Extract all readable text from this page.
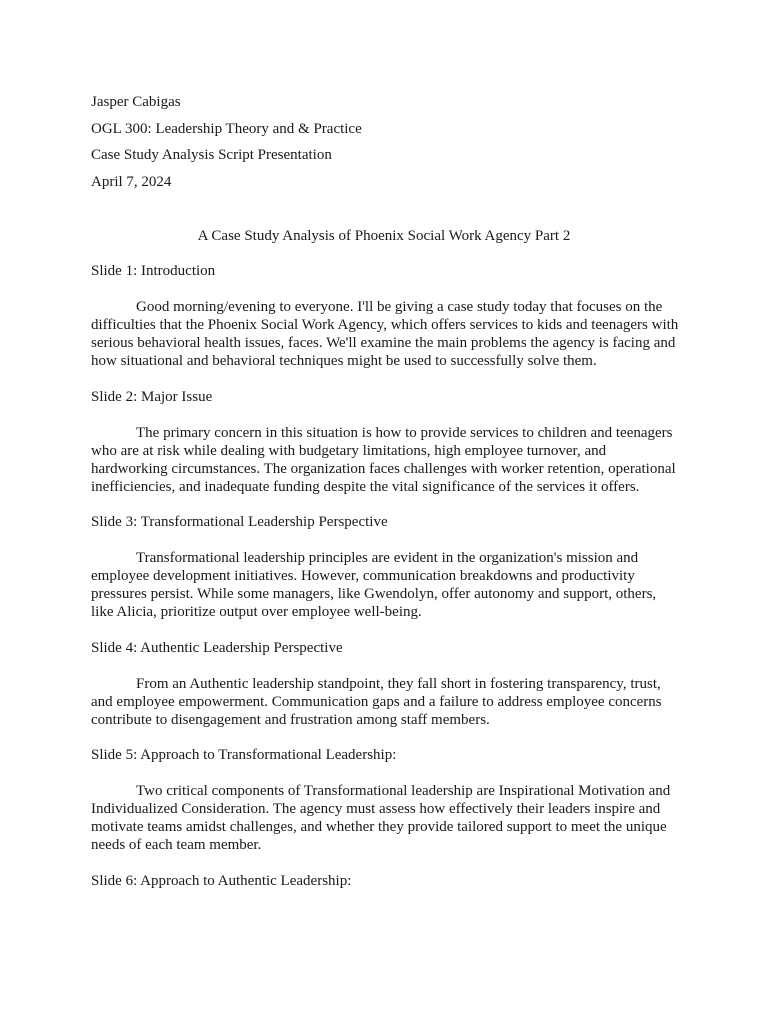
Jasper Cabigas

OGL 300: Leadership Theory and & Practice

Case Study Analysis Script Presentation

April 7, 2024

A Case Study Analysis of Phoenix Social Work Agency Part 2

Slide 1: Introduction

Good morning/evening to everyone. I'll be giving a case study today that focuses on the difficulties that the Phoenix Social Work Agency, which offers services to kids and teenagers with serious behavioral health issues, faces. We'll examine the main problems the agency is facing and how situational and behavioral techniques might be used to successfully solve them.

Slide 2: Major Issue

The primary concern in this situation is how to provide services to children and teenagers who are at risk while dealing with budgetary limitations, high employee turnover, and hardworking circumstances. The organization faces challenges with worker retention, operational inefficiencies, and inadequate funding despite the vital significance of the services it offers.

Slide 3: Transformational Leadership Perspective

Transformational leadership principles are evident in the organization's mission and employee development initiatives. However, communication breakdowns and productivity pressures persist. While some managers, like Gwendolyn, offer autonomy and support, others, like Alicia, prioritize output over employee well-being.

Slide 4: Authentic Leadership Perspective

From an Authentic leadership standpoint, they fall short in fostering transparency, trust, and employee empowerment. Communication gaps and a failure to address employee concerns contribute to disengagement and frustration among staff members.

Slide 5: Approach to Transformational Leadership:

Two critical components of Transformational leadership are Inspirational Motivation and Individualized Consideration. The agency must assess how effectively their leaders inspire and motivate teams amidst challenges, and whether they provide tailored support to meet the unique needs of each team member.

Slide 6: Approach to Authentic Leadership:
